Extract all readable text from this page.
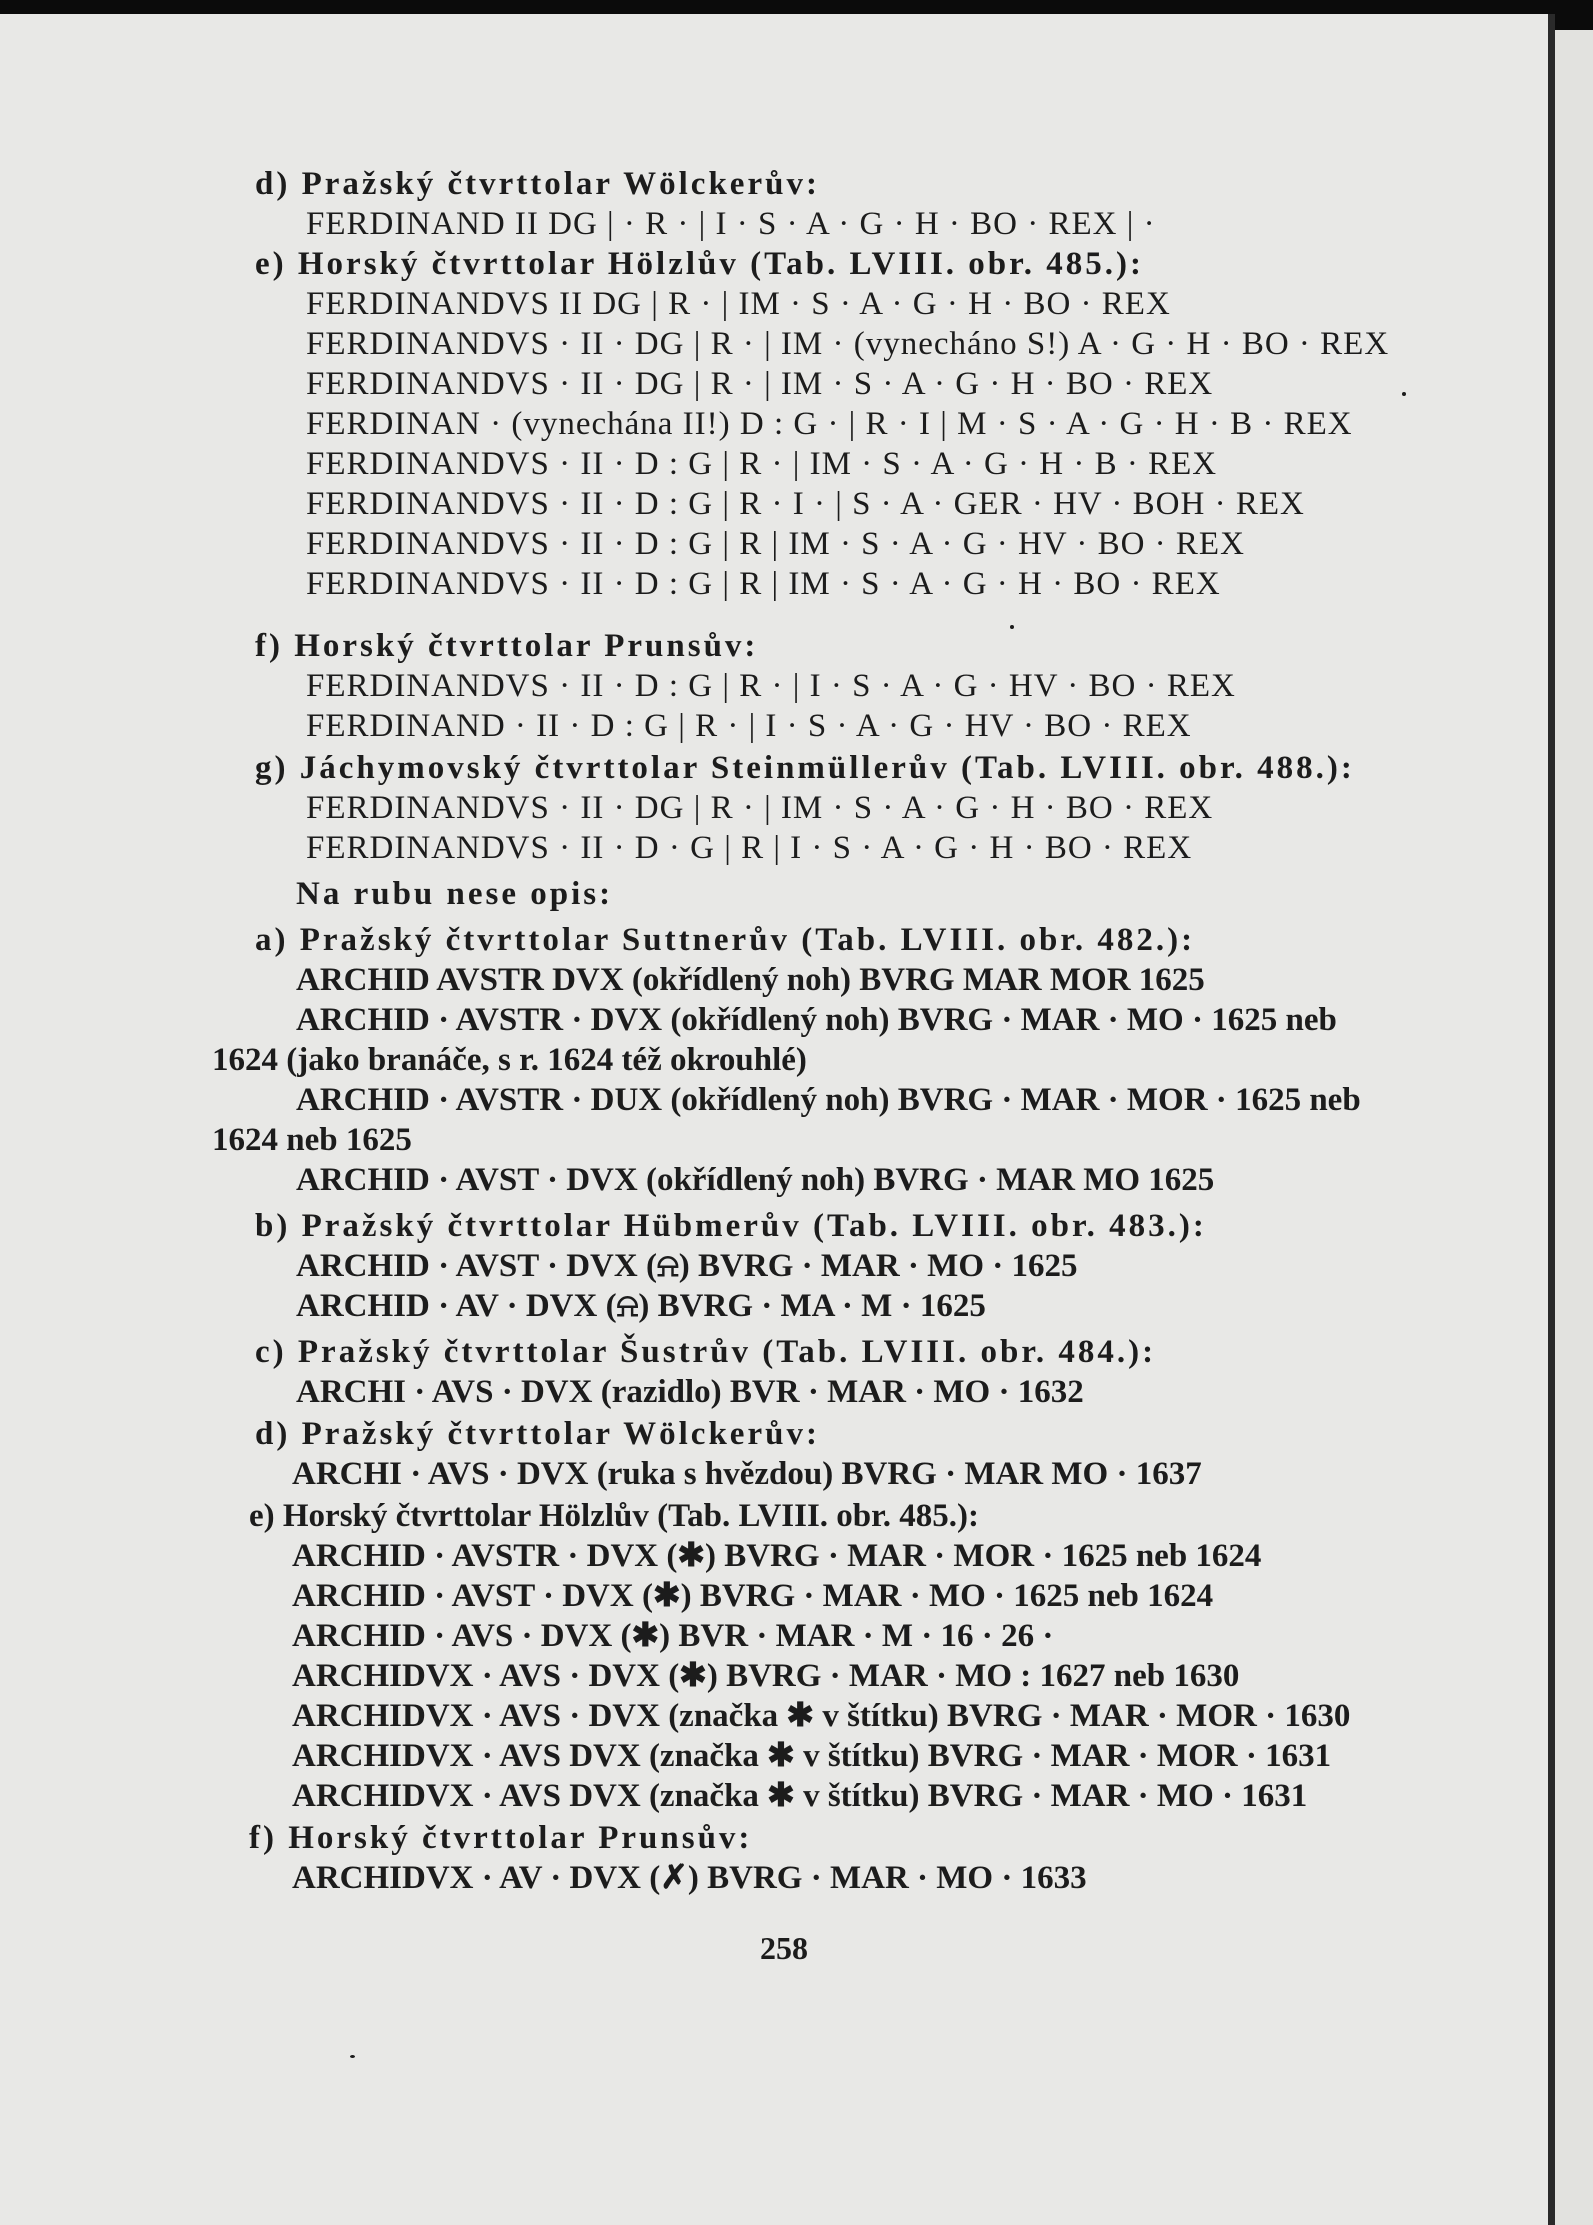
d) Pražský čtvrttolar Wölckerův:
FERDINAND II DG | · R · | I · S · A · G · H · BO · REX | ·
e) Horský čtvrttolar Hölzlův (Tab. LVIII. obr. 485.):
FERDINANDVS II DG | R · | IM · S · A · G · H · BO · REX
FERDINANDVS · II · DG | R · | IM · (vynecháno S!) A · G · H · BO · REX
FERDINANDVS · II · DG | R · | IM · S · A · G · H · BO · REX
FERDINAN · (vynechána II!) D : G · | R · I | M · S · A · G · H · B · REX
FERDINANDVS · II · D : G | R · | IM · S · A · G · H · B · REX
FERDINANDVS · II · D : G | R · I · | S · A · GER · HV · BOH · REX
FERDINANDVS · II · D : G | R | IM · S · A · G · HV · BO · REX
FERDINANDVS · II · D : G | R | IM · S · A · G · H · BO · REX
f) Horský čtvrttolar Prunsův:
FERDINANDVS · II · D : G | R · | I · S · A · G · HV · BO · REX
FERDINAND · II · D : G | R · | I · S · A · G · HV · BO · REX
g) Jáchymovský čtvrttolar Steinmüllerův (Tab. LVIII. obr. 488.):
FERDINANDVS · II · DG | R · | IM · S · A · G · H · BO · REX
FERDINANDVS · II · D · G | R | I · S · A · G · H · BO · REX
Na rubu nese opis:
a) Pražský čtvrttolar Suttnerův (Tab. LVIII. obr. 482.):
ARCHID AVSTR DVX (okřídlený noh) BVRG MAR MOR 1625
ARCHID · AVSTR · DVX (okřídlený noh) BVRG · MAR · MO · 1625 neb
1624 (jako branáče, s r. 1624 též okrouhlé)
ARCHID · AVSTR · DUX (okřídlený noh) BVRG · MAR · MOR · 1625 neb
1624 neb 1625
ARCHID · AVST · DVX (okřídlený noh) BVRG · MAR MO 1625
b) Pražský čtvrttolar Hübmerův (Tab. LVIII. obr. 483.):
ARCHID · AVST · DVX (⍾) BVRG · MAR · MO · 1625
ARCHID · AV · DVX (⍾) BVRG · MA · M · 1625
c) Pražský čtvrttolar Šustrův (Tab. LVIII. obr. 484.):
ARCHI · AVS · DVX (razidlo) BVR · MAR · MO · 1632
d) Pražský čtvrttolar Wölckerův:
ARCHI · AVS · DVX (ruka s hvězdou) BVRG · MAR MO · 1637
e) Horský čtvrttolar Hölzlův (Tab. LVIII. obr. 485.):
ARCHID · AVSTR · DVX (✱) BVRG · MAR · MOR · 1625 neb 1624
ARCHID · AVST · DVX (✱) BVRG · MAR · MO · 1625 neb 1624
ARCHID · AVS · DVX (✱) BVR · MAR · M · 16 · 26 ·
ARCHIDVX · AVS · DVX (✱) BVRG · MAR · MO : 1627 neb 1630
ARCHIDVX · AVS · DVX (značka ✱ v štítku) BVRG · MAR · MOR · 1630
ARCHIDVX · AVS DVX (značka ✱ v štítku) BVRG · MAR · MOR · 1631
ARCHIDVX · AVS DVX (značka ✱ v štítku) BVRG · MAR · MO · 1631
f) Horský čtvrttolar Prunsův:
ARCHIDVX · AV · DVX (✗) BVRG · MAR · MO · 1633
258
